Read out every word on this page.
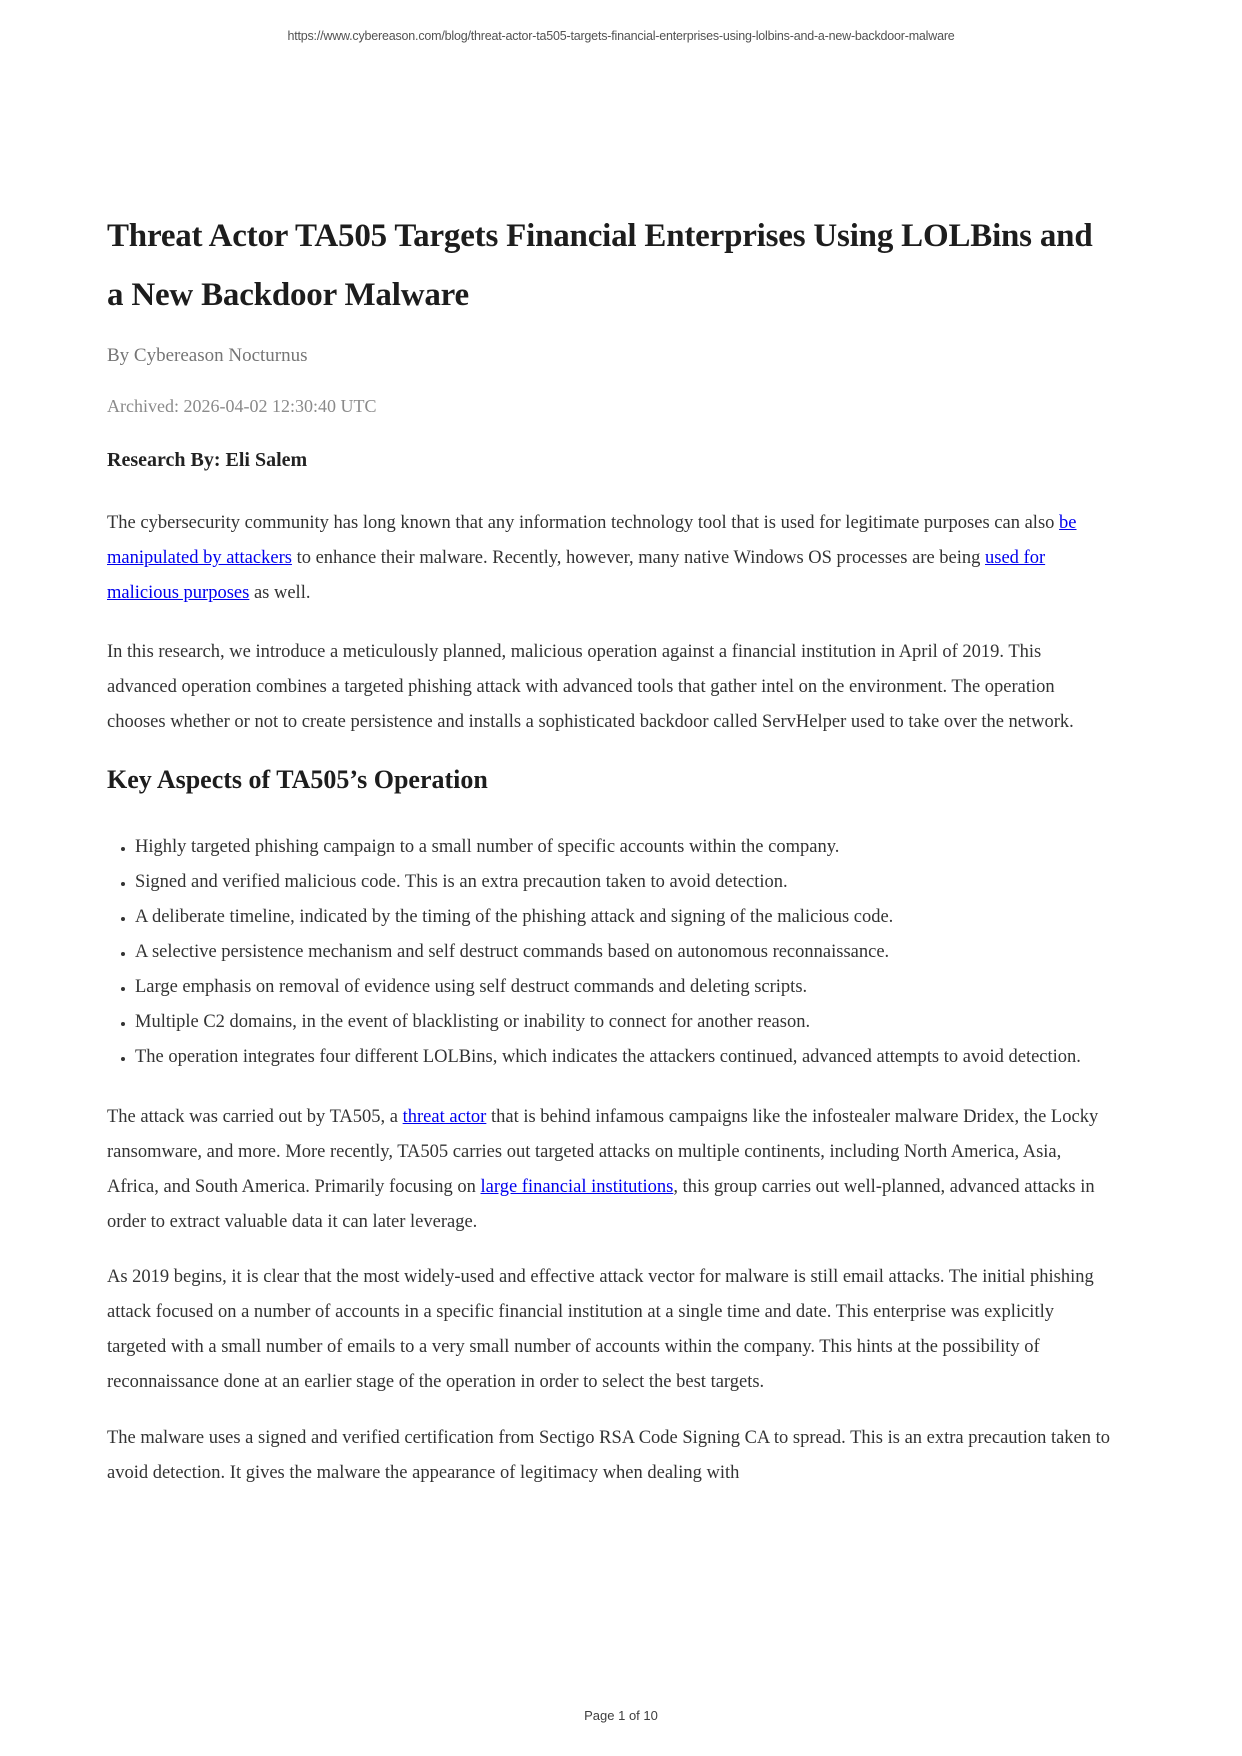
https://www.cybereason.com/blog/threat-actor-ta505-targets-financial-enterprises-using-lolbins-and-a-new-backdoor-malware
Threat Actor TA505 Targets Financial Enterprises Using LOLBins and a New Backdoor Malware

By Cybereason Nocturnus

Archived: 2026-04-02 12:30:40 UTC

Research By: Eli Salem

The cybersecurity community has long known that any information technology tool that is used for legitimate purposes can also be manipulated by attackers to enhance their malware. Recently, however, many native Windows OS processes are being used for malicious purposes as well.

In this research, we introduce a meticulously planned, malicious operation against a financial institution in April of 2019. This advanced operation combines a targeted phishing attack with advanced tools that gather intel on the environment. The operation chooses whether or not to create persistence and installs a sophisticated backdoor called ServHelper used to take over the network.

Key Aspects of TA505’s Operation
• Highly targeted phishing campaign to a small number of specific accounts within the company.
• Signed and verified malicious code. This is an extra precaution taken to avoid detection.
• A deliberate timeline, indicated by the timing of the phishing attack and signing of the malicious code.
• A selective persistence mechanism and self destruct commands based on autonomous reconnaissance.
• Large emphasis on removal of evidence using self destruct commands and deleting scripts.
• Multiple C2 domains, in the event of blacklisting or inability to connect for another reason.
• The operation integrates four different LOLBins, which indicates the attackers continued, advanced attempts to avoid detection.

The attack was carried out by TA505, a threat actor that is behind infamous campaigns like the infostealer malware Dridex, the Locky ransomware, and more. More recently, TA505 carries out targeted attacks on multiple continents, including North America, Asia, Africa, and South America. Primarily focusing on large financial institutions, this group carries out well-planned, advanced attacks in order to extract valuable data it can later leverage.

As 2019 begins, it is clear that the most widely-used and effective attack vector for malware is still email attacks. The initial phishing attack focused on a number of accounts in a specific financial institution at a single time and date. This enterprise was explicitly targeted with a small number of emails to a very small number of accounts within the company. This hints at the possibility of reconnaissance done at an earlier stage of the operation in order to select the best targets.

The malware uses a signed and verified certification from Sectigo RSA Code Signing CA to spread. This is an extra precaution taken to avoid detection. It gives the malware the appearance of legitimacy when dealing with

Page 1 of 10
